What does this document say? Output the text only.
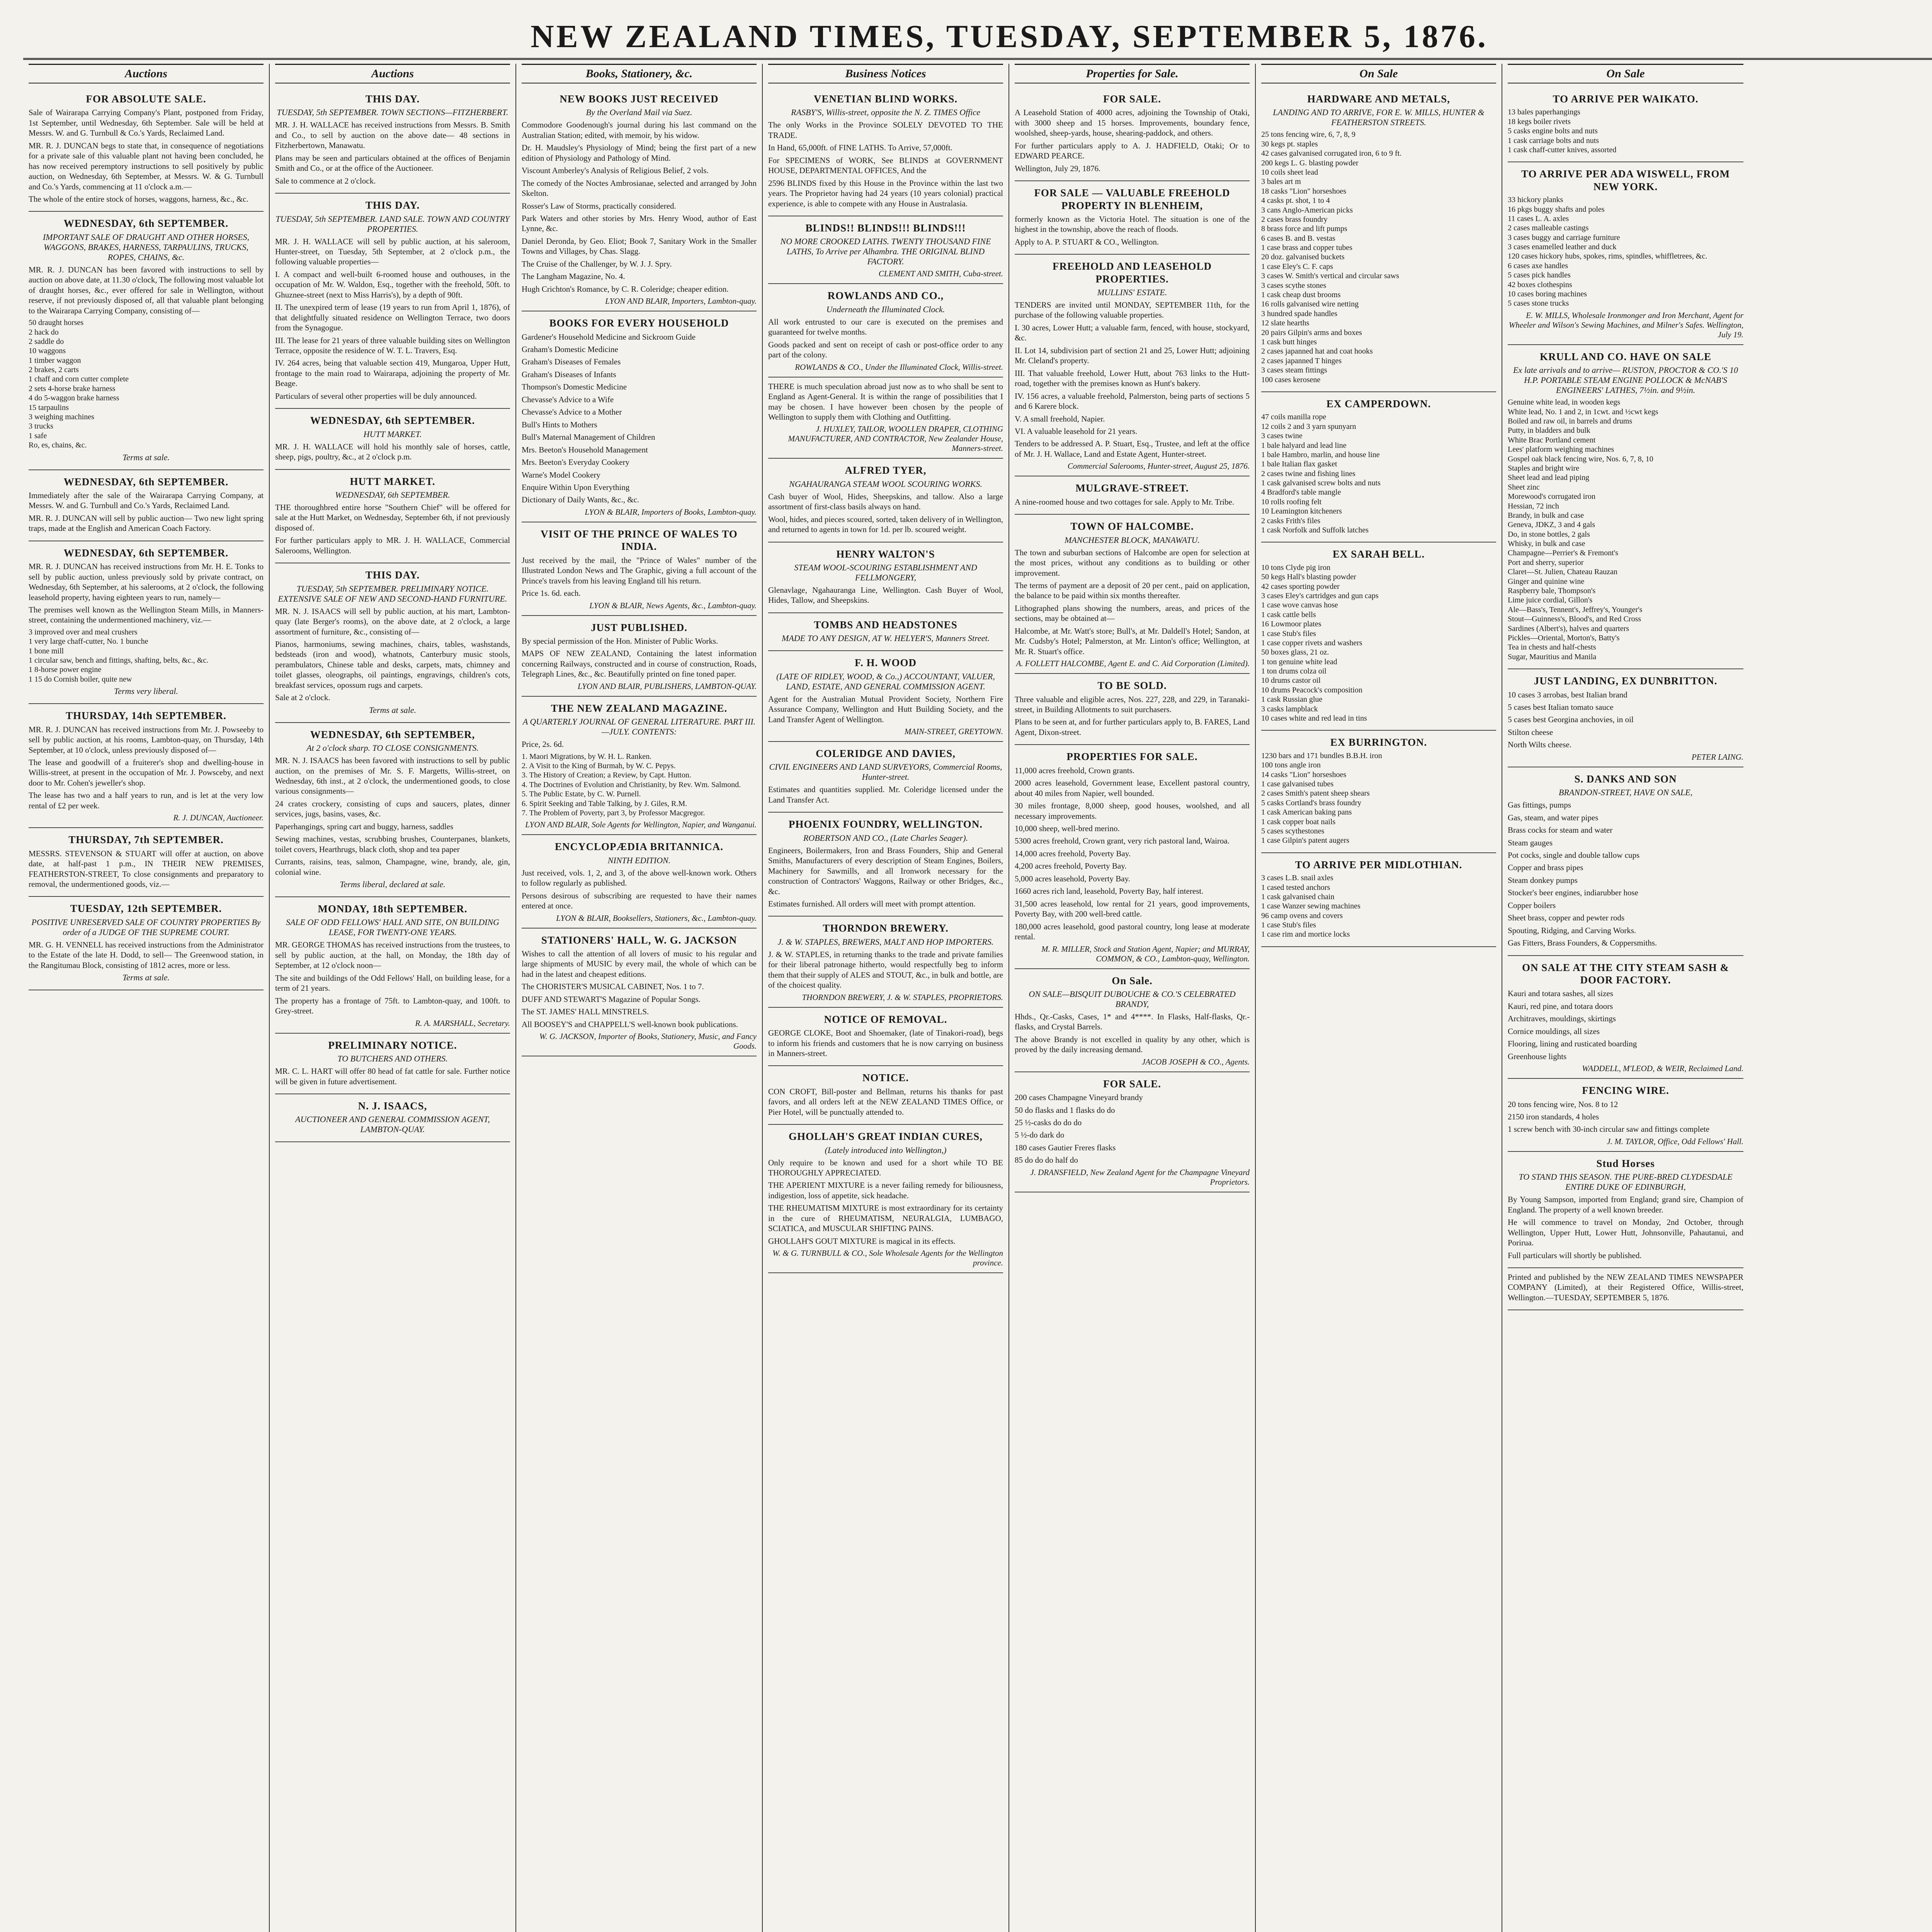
NEW ZEALAND TIMES, TUESDAY, SEPTEMBER 5, 1876.
Auctions
FOR ABSOLUTE SALE.

Sale of Wairarapa Carrying Company's Plant, postponed from Friday, 1st September, until Wednesday, 6th September. Sale will be held at Messrs. W. and G. Turnbull & Co.'s Yards, Reclaimed Land.

MR. R. J. DUNCAN begs to state that, in consequence of negotiations for a private sale of this valuable plant not having been concluded, he has now received peremptory instructions to sell positively by public auction, on Wednesday, 6th September, at Messrs. W. & G. Turnbull and Co.'s Yards, commencing at 11 o'clock a.m.—

The whole of the entire stock of horses, waggons, harness, &c., &c.

WEDNESDAY, 6th SEPTEMBER.
IMPORTANT SALE OF DRAUGHT AND OTHER HORSES, WAGGONS, BRAKES, HARNESS, TARPAULINS, TRUCKS, ROPES, CHAINS, &c.

MR. R. J. DUNCAN has been favored with instructions to sell by auction on above date, at 11.30 o'clock, The following most valuable lot of draught horses, &c., ever offered for sale in Wellington, without reserve, if not previously disposed of, all that valuable plant belonging to the Wairarapa Carrying Company, consisting of—

50 draught horses
2 hack do
2 saddle do
10 waggons
1 timber waggon
2 brakes, 2 carts
1 chaff and corn cutter complete
2 sets 4-horse brake harness
4 do 5-waggon brake harness
15 tarpaulins
3 weighing machines
3 trucks
1 safe
Ro, es, chains, &c.
Terms at sale.
WEDNESDAY, 6th SEPTEMBER.

Immediately after the sale of the Wairarapa Carrying Company, at Messrs. W. and G. Turnbull and Co.'s Yards, Reclaimed Land.

MR. R. J. DUNCAN will sell by public auction— Two new light spring traps, made at the English and American Coach Factory.

WEDNESDAY, 6th SEPTEMBER.

MR. R. J. DUNCAN has received instructions from Mr. H. E. Tonks to sell by public auction, unless previously sold by private contract, on Wednesday, 6th September, at his salerooms, at 2 o'clock, the following leasehold property, having eighteen years to run, namely—

The premises well known as the Wellington Steam Mills, in Manners-street, containing the undermentioned machinery, viz.—

3 improved over and meal crushers
1 very large chaff-cutter, No. 1 bunche
1 bone mill
1 circular saw, bench and fittings, shafting, belts, &c., &c.
1 8-horse power engine
1 15 do Cornish boiler, quite new
Terms very liberal.
THURSDAY, 14th SEPTEMBER.

MR. R. J. DUNCAN has received instructions from Mr. J. Powseeby to sell by public auction, at his rooms, Lambton-quay, on Thursday, 14th September, at 10 o'clock, unless previously disposed of—

The lease and goodwill of a fruiterer's shop and dwelling-house in Willis-street, at present in the occupation of Mr. J. Powsceby, and next door to Mr. Cohen's jeweller's shop.

The lease has two and a half years to run, and is let at the very low rental of £2 per week.

R. J. DUNCAN, Auctioneer.
THURSDAY, 7th SEPTEMBER.

MESSRS. STEVENSON & STUART will offer at auction, on above date, at half-past 1 p.m., IN THEIR NEW PREMISES, FEATHERSTON-STREET, To close consignments and preparatory to removal, the undermentioned goods, viz.—

TUESDAY, 12th SEPTEMBER.
POSITIVE UNRESERVED SALE OF COUNTRY PROPERTIES By order of a JUDGE OF THE SUPREME COURT.

MR. G. H. VENNELL has received instructions from the Administrator to the Estate of the late H. Dodd, to sell— The Greenwood station, in the Rangitumau Block, consisting of 1812 acres, more or less.

Terms at sale.
Auctions
THIS DAY.
TUESDAY, 5th SEPTEMBER. TOWN SECTIONS—FITZHERBERT.

MR. J. H. WALLACE has received instructions from Messrs. B. Smith and Co., to sell by auction on the above date— 48 sections in Fitzherbertown, Manawatu.

Plans may be seen and particulars obtained at the offices of Benjamin Smith and Co., or at the office of the Auctioneer.

Sale to commence at 2 o'clock.

THIS DAY.
TUESDAY, 5th SEPTEMBER. LAND SALE. TOWN AND COUNTRY PROPERTIES.

MR. J. H. WALLACE will sell by public auction, at his saleroom, Hunter-street, on Tuesday, 5th September, at 2 o'clock p.m., the following valuable properties—

I. A compact and well-built 6-roomed house and outhouses, in the occupation of Mr. W. Waldon, Esq., together with the freehold, 50ft. to Ghuznee-street (next to Miss Harris's), by a depth of 90ft.

II. The unexpired term of lease (19 years to run from April 1, 1876), of that delightfully situated residence on Wellington Terrace, two doors from the Synagogue.

III. The lease for 21 years of three valuable building sites on Wellington Terrace, opposite the residence of W. T. L. Travers, Esq.

IV. 264 acres, being that valuable section 419, Mungaroa, Upper Hutt, frontage to the main road to Wairarapa, adjoining the property of Mr. Beage.

Particulars of several other properties will be duly announced.

WEDNESDAY, 6th SEPTEMBER.
HUTT MARKET.

MR. J. H. WALLACE will hold his monthly sale of horses, cattle, sheep, pigs, poultry, &c., at 2 o'clock p.m.

HUTT MARKET.
WEDNESDAY, 6th SEPTEMBER.

THE thoroughbred entire horse "Southern Chief" will be offered for sale at the Hutt Market, on Wednesday, September 6th, if not previously disposed of.

For further particulars apply to MR. J. H. WALLACE, Commercial Salerooms, Wellington.

THIS DAY.
TUESDAY, 5th SEPTEMBER. PRELIMINARY NOTICE. EXTENSIVE SALE OF NEW AND SECOND-HAND FURNITURE.

MR. N. J. ISAACS will sell by public auction, at his mart, Lambton-quay (late Berger's rooms), on the above date, at 2 o'clock, a large assortment of furniture, &c., consisting of—

Pianos, harmoniums, sewing machines, chairs, tables, washstands, bedsteads (iron and wood), whatnots, Canterbury music stools, perambulators, Chinese table and desks, carpets, mats, chimney and toilet glasses, oleographs, oil paintings, engravings, children's cots, breakfast services, opossum rugs and carpets.

Sale at 2 o'clock.

Terms at sale.
WEDNESDAY, 6th SEPTEMBER,
At 2 o'clock sharp. TO CLOSE CONSIGNMENTS.

MR. N. J. ISAACS has been favored with instructions to sell by public auction, on the premises of Mr. S. F. Margetts, Willis-street, on Wednesday, 6th inst., at 2 o'clock, the undermentioned goods, to close various consignments—

24 crates crockery, consisting of cups and saucers, plates, dinner services, jugs, basins, vases, &c.

Paperhangings, spring cart and buggy, harness, saddles

Sewing machines, vestas, scrubbing brushes, Counterpanes, blankets, toilet covers, Hearthrugs, black cloth, shop and tea paper

Currants, raisins, teas, salmon, Champagne, wine, brandy, ale, gin, colonial wine.

Terms liberal, declared at sale.
MONDAY, 18th SEPTEMBER.
SALE OF ODD FELLOWS' HALL AND SITE, ON BUILDING LEASE, FOR TWENTY-ONE YEARS.

MR. GEORGE THOMAS has received instructions from the trustees, to sell by public auction, at the hall, on Monday, the 18th day of September, at 12 o'clock noon—

The site and buildings of the Odd Fellows' Hall, on building lease, for a term of 21 years.

The property has a frontage of 75ft. to Lambton-quay, and 100ft. to Grey-street.

R. A. MARSHALL, Secretary.
PRELIMINARY NOTICE.
TO BUTCHERS AND OTHERS.

MR. C. L. HART will offer 80 head of fat cattle for sale. Further notice will be given in future advertisement.

N. J. ISAACS,
AUCTIONEER AND GENERAL COMMISSION AGENT, LAMBTON-QUAY.
Books, Stationery, &c.
NEW BOOKS JUST RECEIVED
By the Overland Mail via Suez.

Commodore Goodenough's journal during his last command on the Australian Station; edited, with memoir, by his widow.

Dr. H. Maudsley's Physiology of Mind; being the first part of a new edition of Physiology and Pathology of Mind.

Viscount Amberley's Analysis of Religious Belief, 2 vols.

The comedy of the Noctes Ambrosianae, selected and arranged by John Skelton.

Rosser's Law of Storms, practically considered.

Park Waters and other stories by Mrs. Henry Wood, author of East Lynne, &c.

Daniel Deronda, by Geo. Eliot; Book 7, Sanitary Work in the Smaller Towns and Villages, by Chas. Slagg.

The Cruise of the Challenger, by W. J. J. Spry.

The Langham Magazine, No. 4.

Hugh Crichton's Romance, by C. R. Coleridge; cheaper edition.

LYON AND BLAIR, Importers, Lambton-quay.
BOOKS FOR EVERY HOUSEHOLD

Gardener's Household Medicine and Sickroom Guide

Graham's Domestic Medicine

Graham's Diseases of Females

Graham's Diseases of Infants

Thompson's Domestic Medicine

Chevasse's Advice to a Wife

Chevasse's Advice to a Mother

Bull's Hints to Mothers

Bull's Maternal Management of Children

Mrs. Beeton's Household Management

Mrs. Beeton's Everyday Cookery

Warne's Model Cookery

Enquire Within Upon Everything

Dictionary of Daily Wants, &c., &c.

LYON & BLAIR, Importers of Books, Lambton-quay.
VISIT OF THE PRINCE OF WALES TO INDIA.

Just received by the mail, the "Prince of Wales" number of the Illustrated London News and The Graphic, giving a full account of the Prince's travels from his leaving England till his return.

Price 1s. 6d. each.

LYON & BLAIR, News Agents, &c., Lambton-quay.
JUST PUBLISHED.

By special permission of the Hon. Minister of Public Works.

MAPS OF NEW ZEALAND, Containing the latest information concerning Railways, constructed and in course of construction, Roads, Telegraph Lines, &c., &c. Beautifully printed on fine toned paper.

LYON AND BLAIR, PUBLISHERS, LAMBTON-QUAY.
THE NEW ZEALAND MAGAZINE.
A QUARTERLY JOURNAL OF GENERAL LITERATURE. PART III.—JULY. CONTENTS:

Price, 2s. 6d.

1. Maori Migrations, by W. H. L. Ranken.
2. A Visit to the King of Burmah, by W. C. Pepys.
3. The History of Creation; a Review, by Capt. Hutton.
4. The Doctrines of Evolution and Christianity, by Rev. Wm. Salmond.
5. The Public Estate, by C. W. Purnell.
6. Spirit Seeking and Table Talking, by J. Giles, R.M.
7. The Problem of Poverty, part 3, by Professor Macgregor.
LYON AND BLAIR, Sole Agents for Wellington, Napier, and Wanganui.
ENCYCLOPÆDIA BRITANNICA.
NINTH EDITION.

Just received, vols. 1, 2, and 3, of the above well-known work. Others to follow regularly as published.

Persons desirous of subscribing are requested to have their names entered at once.

LYON & BLAIR, Booksellers, Stationers, &c., Lambton-quay.
STATIONERS' HALL, W. G. JACKSON

Wishes to call the attention of all lovers of music to his regular and large shipments of MUSIC by every mail, the whole of which can be had in the latest and cheapest editions.

The CHORISTER'S MUSICAL CABINET, Nos. 1 to 7.

DUFF AND STEWART'S Magazine of Popular Songs.

The ST. JAMES' HALL MINSTRELS.

All BOOSEY'S and CHAPPELL'S well-known book publications.

W. G. JACKSON, Importer of Books, Stationery, Music, and Fancy Goods.
Business Notices
VENETIAN BLIND WORKS.
RASBY'S, Willis-street, opposite the N. Z. TIMES Office

The only Works in the Province SOLELY DEVOTED TO THE TRADE.

In Hand, 65,000ft. of FINE LATHS. To Arrive, 57,000ft.

For SPECIMENS of WORK, See BLINDS at GOVERNMENT HOUSE, DEPARTMENTAL OFFICES, And the

2596 BLINDS fixed by this House in the Province within the last two years. The Proprietor having had 24 years (10 years colonial) practical experience, is able to compete with any House in Australasia.

BLINDS!! BLINDS!!! BLINDS!!!
NO MORE CROOKED LATHS. TWENTY THOUSAND FINE LATHS, To Arrive per Alhambra. THE ORIGINAL BLIND FACTORY.
CLEMENT AND SMITH, Cuba-street.
ROWLANDS AND CO.,
Underneath the Illuminated Clock.

All work entrusted to our care is executed on the premises and guaranteed for twelve months.

Goods packed and sent on receipt of cash or post-office order to any part of the colony.

ROWLANDS & CO., Under the Illuminated Clock, Willis-street.

THERE is much speculation abroad just now as to who shall be sent to England as Agent-General. It is within the range of possibilities that I may be chosen. I have however been chosen by the people of Wellington to supply them with Clothing and Outfitting.

J. HUXLEY, TAILOR, WOOLLEN DRAPER, CLOTHING MANUFACTURER, AND CONTRACTOR, New Zealander House, Manners-street.
ALFRED TYER,
NGAHAURANGA STEAM WOOL SCOURING WORKS.

Cash buyer of Wool, Hides, Sheepskins, and tallow. Also a large assortment of first-class basils always on hand.

Wool, hides, and pieces scoured, sorted, taken delivery of in Wellington, and returned to agents in town for 1d. per lb. scoured weight.

HENRY WALTON'S
STEAM WOOL-SCOURING ESTABLISHMENT AND FELLMONGERY,

Glenavlage, Ngahauranga Line, Wellington. Cash Buyer of Wool, Hides, Tallow, and Sheepskins.

TOMBS AND HEADSTONES
MADE TO ANY DESIGN, AT W. HELYER'S, Manners Street.
F. H. WOOD
(LATE OF RIDLEY, WOOD, & Co.,) ACCOUNTANT, VALUER, LAND, ESTATE, AND GENERAL COMMISSION AGENT.

Agent for the Australian Mutual Provident Society, Northern Fire Assurance Company, Wellington and Hutt Building Society, and the Land Transfer Agent of Wellington.

MAIN-STREET, GREYTOWN.
COLERIDGE AND DAVIES,
CIVIL ENGINEERS AND LAND SURVEYORS, Commercial Rooms, Hunter-street.

Estimates and quantities supplied. Mr. Coleridge licensed under the Land Transfer Act.

PHOENIX FOUNDRY, WELLINGTON.
ROBERTSON AND CO., (Late Charles Seager).

Engineers, Boilermakers, Iron and Brass Founders, Ship and General Smiths, Manufacturers of every description of Steam Engines, Boilers, Machinery for Sawmills, and all Ironwork necessary for the construction of Contractors' Waggons, Railway or other Bridges, &c., &c.

Estimates furnished. All orders will meet with prompt attention.

THORNDON BREWERY.
J. & W. STAPLES, BREWERS, MALT AND HOP IMPORTERS.

J. & W. STAPLES, in returning thanks to the trade and private families for their liberal patronage hitherto, would respectfully beg to inform them that their supply of ALES and STOUT, &c., in bulk and bottle, are of the choicest quality.

THORNDON BREWERY, J. & W. STAPLES, PROPRIETORS.
NOTICE OF REMOVAL.

GEORGE CLOKE, Boot and Shoemaker, (late of Tinakori-road), begs to inform his friends and customers that he is now carrying on business in Manners-street.

NOTICE.

CON CROFT, Bill-poster and Bellman, returns his thanks for past favors, and all orders left at the NEW ZEALAND TIMES Office, or Pier Hotel, will be punctually attended to.

GHOLLAH'S GREAT INDIAN CURES,
(Lately introduced into Wellington,)

Only require to be known and used for a short while TO BE THOROUGHLY APPRECIATED.

THE APERIENT MIXTURE is a never failing remedy for biliousness, indigestion, loss of appetite, sick headache.

THE RHEUMATISM MIXTURE is most extraordinary for its certainty in the cure of RHEUMATISM, NEURALGIA, LUMBAGO, SCIATICA, and MUSCULAR SHIFTING PAINS.

GHOLLAH'S GOUT MIXTURE is magical in its effects.

W. & G. TURNBULL & CO., Sole Wholesale Agents for the Wellington province.
Properties for Sale.
FOR SALE.

A Leasehold Station of 4000 acres, adjoining the Township of Otaki, with 3000 sheep and 15 horses. Improvements, boundary fence, woolshed, sheep-yards, house, shearing-paddock, and others.

For further particulars apply to A. J. HADFIELD, Otaki; Or to EDWARD PEARCE.

Wellington, July 29, 1876.

FOR SALE — VALUABLE FREEHOLD PROPERTY IN BLENHEIM,

formerly known as the Victoria Hotel. The situation is one of the highest in the township, above the reach of floods.

Apply to A. P. STUART & CO., Wellington.

FREEHOLD AND LEASEHOLD PROPERTIES.
MULLINS' ESTATE.

TENDERS are invited until MONDAY, SEPTEMBER 11th, for the purchase of the following valuable properties.

I. 30 acres, Lower Hutt; a valuable farm, fenced, with house, stockyard, &c.

II. Lot 14, subdivision part of section 21 and 25, Lower Hutt; adjoining Mr. Cleland's property.

III. That valuable freehold, Lower Hutt, about 763 links to the Hutt-road, together with the premises known as Hunt's bakery.

IV. 156 acres, a valuable freehold, Palmerston, being parts of sections 5 and 6 Karere block.

V. A small freehold, Napier.

VI. A valuable leasehold for 21 years.

Tenders to be addressed A. P. Stuart, Esq., Trustee, and left at the office of Mr. J. H. Wallace, Land and Estate Agent, Hunter-street.

Commercial Salerooms, Hunter-street, August 25, 1876.
MULGRAVE-STREET.

A nine-roomed house and two cottages for sale. Apply to Mr. Tribe.

TOWN OF HALCOMBE.
MANCHESTER BLOCK, MANAWATU.

The town and suburban sections of Halcombe are open for selection at the most prices, without any conditions as to building or other improvement.

The terms of payment are a deposit of 20 per cent., paid on application, the balance to be paid within six months thereafter.

Lithographed plans showing the numbers, areas, and prices of the sections, may be obtained at—

Halcombe, at Mr. Watt's store; Bull's, at Mr. Daldell's Hotel; Sandon, at Mr. Cudsby's Hotel; Palmerston, at Mr. Linton's office; Wellington, at Mr. R. Stuart's office.

A. FOLLETT HALCOMBE, Agent E. and C. Aid Corporation (Limited).
TO BE SOLD.

Three valuable and eligible acres, Nos. 227, 228, and 229, in Taranaki-street, in Building Allotments to suit purchasers.

Plans to be seen at, and for further particulars apply to, B. FARES, Land Agent, Dixon-street.

PROPERTIES FOR SALE.

11,000 acres freehold, Crown grants.

2000 acres leasehold, Government lease, Excellent pastoral country, about 40 miles from Napier, well bounded.

30 miles frontage, 8,000 sheep, good houses, woolshed, and all necessary improvements.

10,000 sheep, well-bred merino.

5300 acres freehold, Crown grant, very rich pastoral land, Wairoa.

14,000 acres freehold, Poverty Bay.

4,200 acres freehold, Poverty Bay.

5,000 acres leasehold, Poverty Bay.

1660 acres rich land, leasehold, Poverty Bay, half interest.

31,500 acres leasehold, low rental for 21 years, good improvements, Poverty Bay, with 200 well-bred cattle.

180,000 acres leasehold, good pastoral country, long lease at moderate rental.

M. R. MILLER, Stock and Station Agent, Napier; and MURRAY, COMMON, & CO., Lambton-quay, Wellington.
On Sale.
ON SALE—BISQUIT DUBOUCHE & CO.'S CELEBRATED BRANDY,

Hhds., Qr.-Casks, Cases, 1* and 4****. In Flasks, Half-flasks, Qr.-flasks, and Crystal Barrels.

The above Brandy is not excelled in quality by any other, which is proved by the daily increasing demand.

JACOB JOSEPH & CO., Agents.
FOR SALE.

200 cases Champagne Vineyard brandy

50 do flasks and 1 flasks do do

25 ½-casks do do do

5 ½-do dark do

180 cases Gautier Freres flasks

85 do do do half do

J. DRANSFIELD, New Zealand Agent for the Champagne Vineyard Proprietors.
On Sale
HARDWARE AND METALS,
LANDING AND TO ARRIVE, FOR E. W. MILLS, HUNTER & FEATHERSTON STREETS.
25 tons fencing wire, 6, 7, 8, 9
30 kegs pt. staples
42 cases galvanised corrugated iron, 6 to 9 ft.
200 kegs L. G. blasting powder
10 coils sheet lead
3 bales art m
18 casks "Lion" horseshoes
4 casks pt. shot, 1 to 4
3 cans Anglo-American picks
2 cases brass foundry
8 brass force and lift pumps
6 cases B. and B. vestas
1 case brass and copper tubes
20 doz. galvanised buckets
1 case Eley's C. F. caps
3 cases W. Smith's vertical and circular saws
3 cases scythe stones
1 cask cheap dust brooms
16 rolls galvanised wire netting
3 hundred spade handles
12 slate hearths
20 pairs Gilpin's arms and boxes
1 cask butt hinges
2 cases japanned hat and coat hooks
2 cases japanned T hinges
3 cases steam fittings
100 cases kerosene
EX CAMPERDOWN.
47 coils manilla rope
12 coils 2 and 3 yarn spunyarn
3 cases twine
1 bale halyard and lead line
1 bale Hambro, marlin, and house line
1 bale Italian flax gasket
2 cases twine and fishing lines
1 cask galvanised screw bolts and nuts
4 Bradford's table mangle
10 rolls roofing felt
10 Leamington kitcheners
2 casks Frith's files
1 cask Norfolk and Suffolk latches
EX SARAH BELL.
10 tons Clyde pig iron
50 kegs Hall's blasting powder
42 cases sporting powder
3 cases Eley's cartridges and gun caps
1 case wove canvas hose
1 cask cattle bells
16 Lowmoor plates
1 case Stub's files
1 case copper rivets and washers
50 boxes glass, 21 oz.
1 ton genuine white lead
1 ton drums colza oil
10 drums castor oil
10 drums Peacock's composition
1 cask Russian glue
3 casks lampblack
10 cases white and red lead in tins
EX BURRINGTON.
1230 bars and 171 bundles B.B.H. iron
100 tons angle iron
14 casks "Lion" horseshoes
1 case galvanised tubes
2 cases Smith's patent sheep shears
5 casks Cortland's brass foundry
1 cask American baking pans
1 cask copper boat nails
5 cases scythestones
1 case Gilpin's patent augers
TO ARRIVE PER MIDLOTHIAN.
3 cases L.B. snail axles
1 cased tested anchors
1 cask galvanised chain
1 case Wanzer sewing machines
96 camp ovens and covers
1 case Stub's files
1 case rim and mortice locks
On Sale
TO ARRIVE PER WAIKATO.
13 bales paperhangings
18 kegs boiler rivets
5 casks engine bolts and nuts
1 cask carriage bolts and nuts
1 cask chaff-cutter knives, assorted
TO ARRIVE PER ADA WISWELL, FROM NEW YORK.
33 hickory planks
16 pkgs buggy shafts and poles
11 cases L. A. axles
2 cases malleable castings
3 cases buggy and carriage furniture
3 cases enamelled leather and duck
120 cases hickory hubs, spokes, rims, spindles, whiffletrees, &c.
6 cases axe handles
5 cases pick handles
42 boxes clothespins
10 cases boring machines
5 cases stone trucks
E. W. MILLS, Wholesale Ironmonger and Iron Merchant, Agent for Wheeler and Wilson's Sewing Machines, and Milner's Safes. Wellington, July 19.
KRULL AND CO. HAVE ON SALE
Ex late arrivals and to arrive— RUSTON, PROCTOR & CO.'S 10 H.P. PORTABLE STEAM ENGINE POLLOCK & McNAB'S ENGINEERS' LATHES, 7½in. and 9½in.
Genuine white lead, in wooden kegs
White lead, No. 1 and 2, in 1cwt. and ½cwt kegs
Boiled and raw oil, in barrels and drums
Putty, in bladders and bulk
White Brac Portland cement
Lees' platform weighing machines
Gospel oak black fencing wire, Nos. 6, 7, 8, 10
Staples and bright wire
Sheet lead and lead piping
Sheet zinc
Morewood's corrugated iron
Hessian, 72 inch
Brandy, in bulk and case
Geneva, JDKZ, 3 and 4 gals
Do, in stone bottles, 2 gals
Whisky, in bulk and case
Champagne—Perrier's & Fremont's
Port and sherry, superior
Claret—St. Julien, Chateau Rauzan
Ginger and quinine wine
Raspberry bale, Thompson's
Lime juice cordial, Gillon's
Ale—Bass's, Tennent's, Jeffrey's, Younger's
Stout—Guinness's, Blood's, and Red Cross
Sardines (Albert's), halves and quarters
Pickles—Oriental, Morton's, Batty's
Tea in chests and half-chests
Sugar, Mauritius and Manila
JUST LANDING, EX DUNBRITTON.

10 cases 3 arrobas, best Italian brand

5 cases best Italian tomato sauce

5 cases best Georgina anchovies, in oil

Stilton cheese

North Wilts cheese.

PETER LAING.
S. DANKS AND SON
BRANDON-STREET, HAVE ON SALE,

Gas fittings, pumps

Gas, steam, and water pipes

Brass cocks for steam and water

Steam gauges

Pot cocks, single and double tallow cups

Copper and brass pipes

Steam donkey pumps

Stocker's beer engines, indiarubber hose

Copper boilers

Sheet brass, copper and pewter rods

Spouting, Ridging, and Carving Works.

Gas Fitters, Brass Founders, & Coppersmiths.

ON SALE AT THE CITY STEAM SASH & DOOR FACTORY.

Kauri and totara sashes, all sizes

Kauri, red pine, and totara doors

Architraves, mouldings, skirtings

Cornice mouldings, all sizes

Flooring, lining and rusticated boarding

Greenhouse lights

WADDELL, M'LEOD, & WEIR, Reclaimed Land.
FENCING WIRE.

20 tons fencing wire, Nos. 8 to 12

2150 iron standards, 4 holes

1 screw bench with 30-inch circular saw and fittings complete

J. M. TAYLOR, Office, Odd Fellows' Hall.
Stud Horses
TO STAND THIS SEASON. THE PURE-BRED CLYDESDALE ENTIRE DUKE OF EDINBURGH,

By Young Sampson, imported from England; grand sire, Champion of England. The property of a well known breeder.

He will commence to travel on Monday, 2nd October, through Wellington, Upper Hutt, Lower Hutt, Johnsonville, Pahautanui, and Porirua.

Full particulars will shortly be published.

Printed and published by the NEW ZEALAND TIMES NEWSPAPER COMPANY (Limited), at their Registered Office, Willis-street, Wellington.—TUESDAY, SEPTEMBER 5, 1876.
